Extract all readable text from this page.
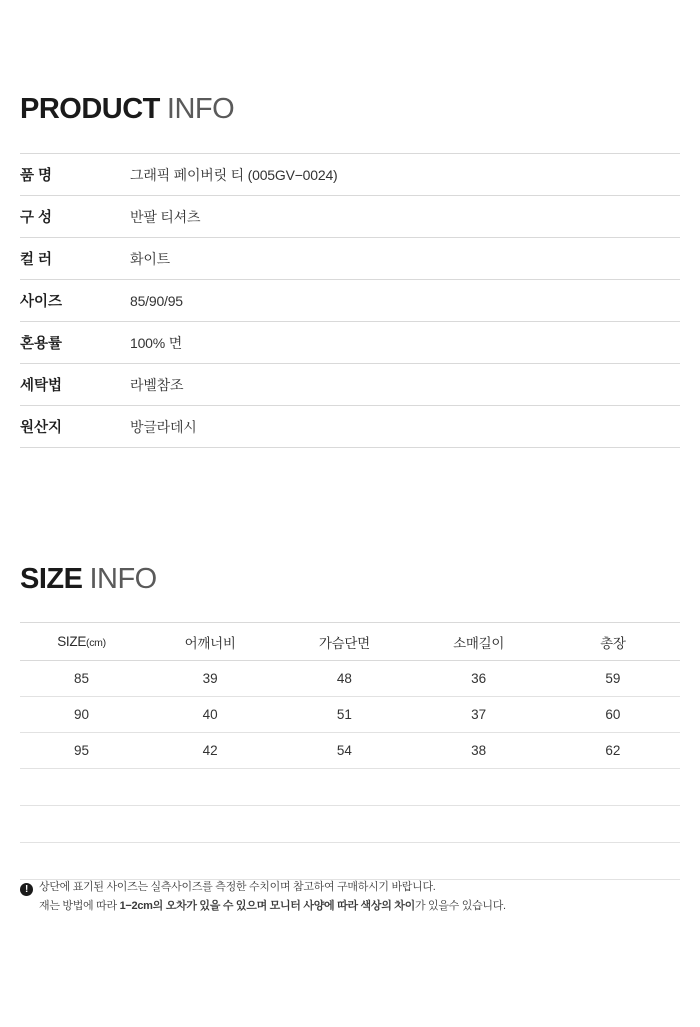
PRODUCT INFO
품 명	그래픽 페이버릿 티 (005GV−0024)
구 성	반팔 티셔츠
컬 러	화이트
사이즈	85/90/95
혼용률	100% 면
세탁법	라벨참조
원산지	방글라데시
SIZE INFO
SIZE(cm)	어깨너비	가슴단면	소매길이	총장
85	39	48	36	59
90	40	51	37	60
95	42	54	38	62

! 상단에 표기된 사이즈는 실측사이즈를 측정한 수치이며 참고하여 구매하시기 바랍니다.
재는 방법에 따라 1−2cm의 오차가 있을 수 있으며 모니터 사양에 따라 색상의 차이가 있을수 있습니다.
